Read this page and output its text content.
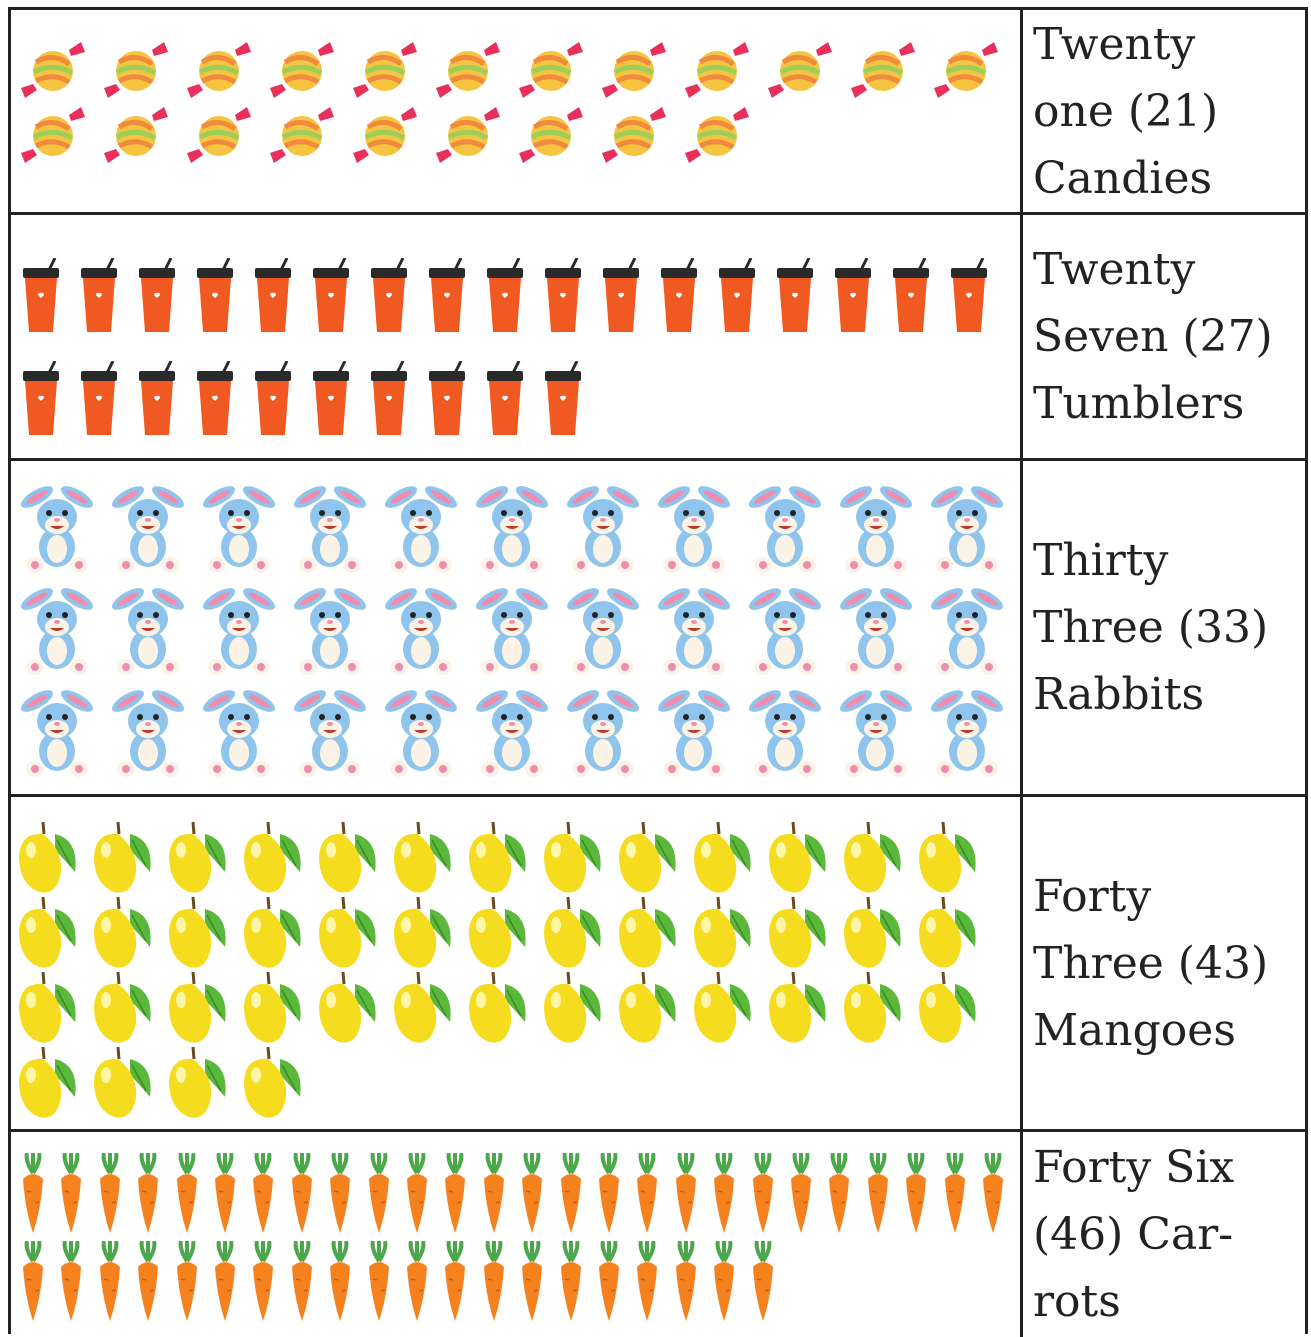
Twenty
one (21)
Candies
Twenty
Seven (27)
Tumblers
Thirty
Three (33)
Rabbits
Forty
Three (43)
Mangoes
Forty Six
(46) Car-
rots
